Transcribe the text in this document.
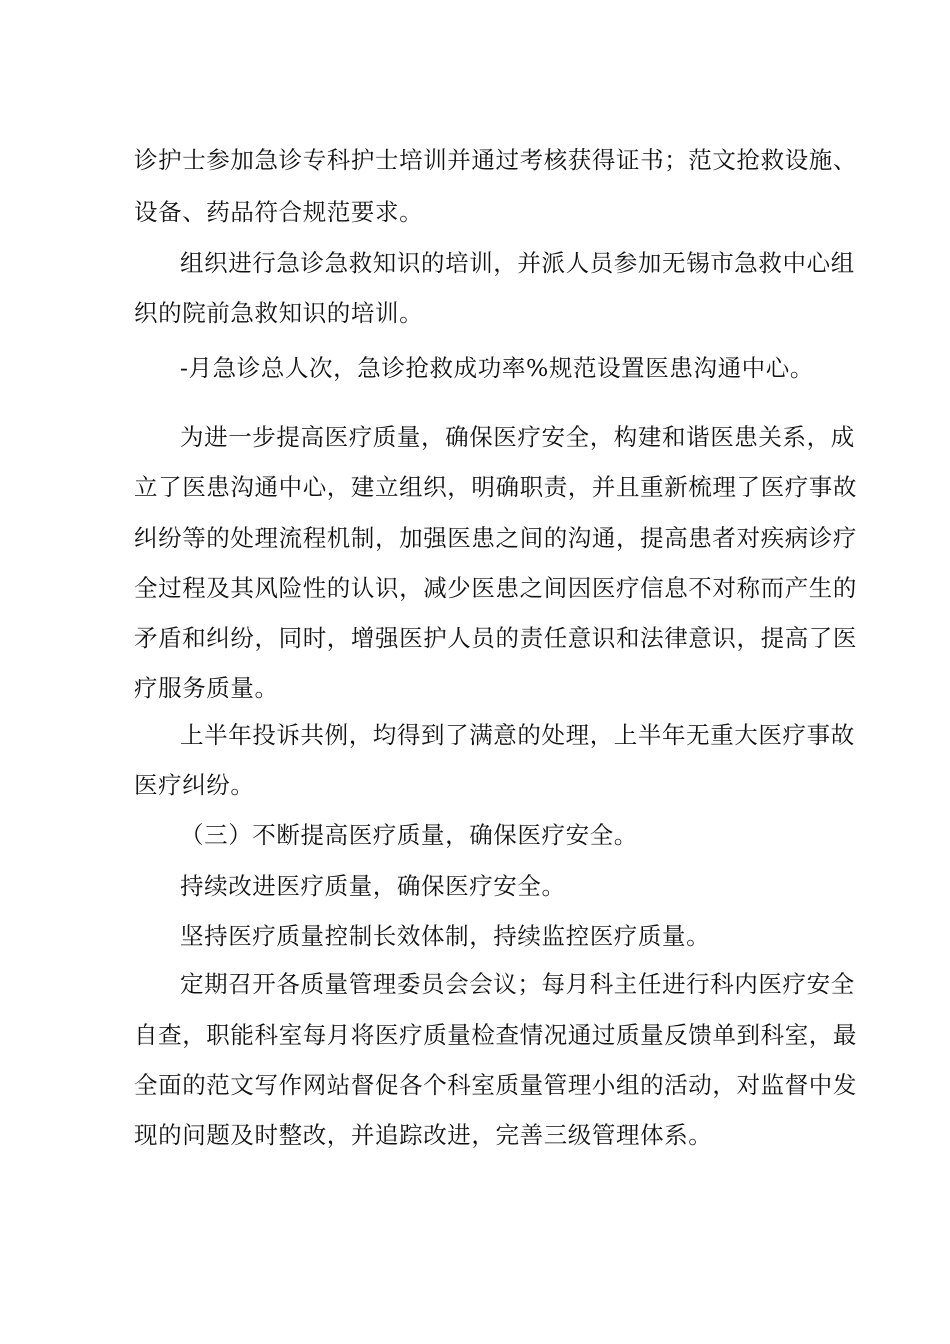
诊护士参加急诊专科护士培训并通过考核获得证书；范文抢救设施、
设备、药品符合规范要求。
组织进行急诊急救知识的培训，并派人员参加无锡市急救中心组
织的院前急救知识的培训。
-月急诊总人次，急诊抢救成功率%规范设置医患沟通中心。
为进一步提高医疗质量，确保医疗安全，构建和谐医患关系，成
立了医患沟通中心，建立组织，明确职责，并且重新梳理了医疗事故
纠纷等的处理流程机制，加强医患之间的沟通，提高患者对疾病诊疗
全过程及其风险性的认识，减少医患之间因医疗信息不对称而产生的
矛盾和纠纷，同时，增强医护人员的责任意识和法律意识，提高了医
疗服务质量。
上半年投诉共例，均得到了满意的处理，上半年无重大医疗事故
医疗纠纷。
（三）不断提高医疗质量，确保医疗安全。
持续改进医疗质量，确保医疗安全。
坚持医疗质量控制长效体制，持续监控医疗质量。
定期召开各质量管理委员会会议；每月科主任进行科内医疗安全
自查，职能科室每月将医疗质量检查情况通过质量反馈单到科室，最
全面的范文写作网站督促各个科室质量管理小组的活动，对监督中发
现的问题及时整改，并追踪改进，完善三级管理体系。
